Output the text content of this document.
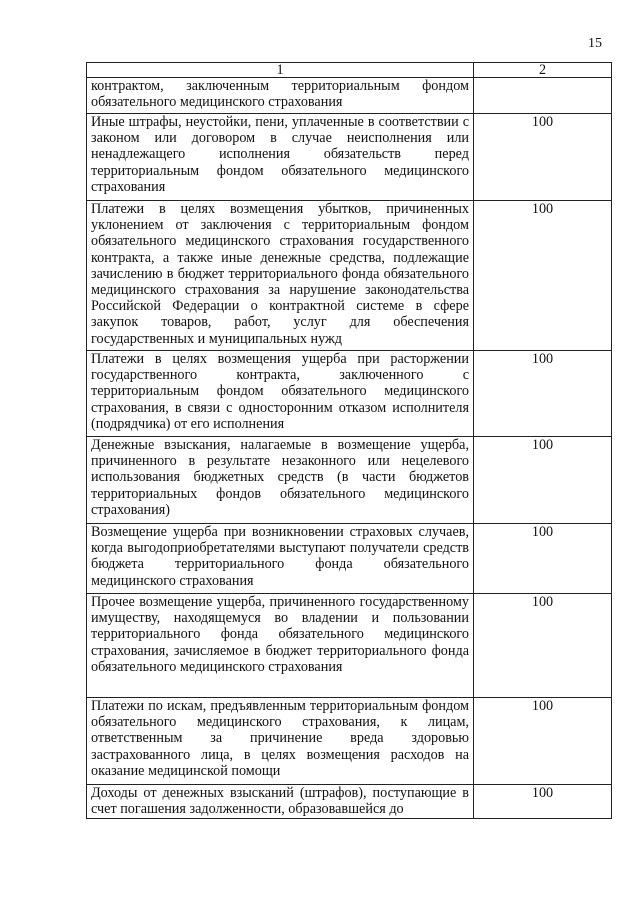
15
1	2
контрактом, заключенным территориальным фондом обязательного медицинского страхования	
Иные штрафы, неустойки, пени, уплаченные в соответствии с законом или договором в случае неисполнения или ненадлежащего исполнения обязательств перед территориальным фондом обязательного медицинского страхования	100
Платежи в целях возмещения убытков, причиненных уклонением от заключения с территориальным фондом обязательного медицинского страхования государственного контракта, а также иные денежные средства, подлежащие зачислению в бюджет территориального фонда обязательного медицинского страхования за нарушение законодательства Российской Федерации о контрактной системе в сфере закупок товаров, работ, услуг для обеспечения государственных и муниципальных нужд	100
Платежи в целях возмещения ущерба при расторжении государственного контракта, заключенного с территориальным фондом обязательного медицинского страхования, в связи с односторонним отказом исполнителя (подрядчика) от его исполнения	100
Денежные взыскания, налагаемые в возмещение ущерба, причиненного в результате незаконного или нецелевого использования бюджетных средств (в части бюджетов территориальных фондов обязательного медицинского страхования)	100
Возмещение ущерба при возникновении страховых случаев, когда выгодоприобретателями выступают получатели средств бюджета территориального фонда обязательного медицинского страхования	100
Прочее возмещение ущерба, причиненного государственному имуществу, находящемуся во владении и пользовании территориального фонда обязательного медицинского страхования, зачисляемое в бюджет территориального фонда обязательного медицинского страхования	100
Платежи по искам, предъявленным территориальным фондом обязательного медицинского страхования, к лицам, ответственным за причинение вреда здоровью застрахованного лица, в целях возмещения расходов на оказание медицинской помощи	100
Доходы от денежных взысканий (штрафов), поступающие в счет погашения задолженности, образовавшейся до	100
